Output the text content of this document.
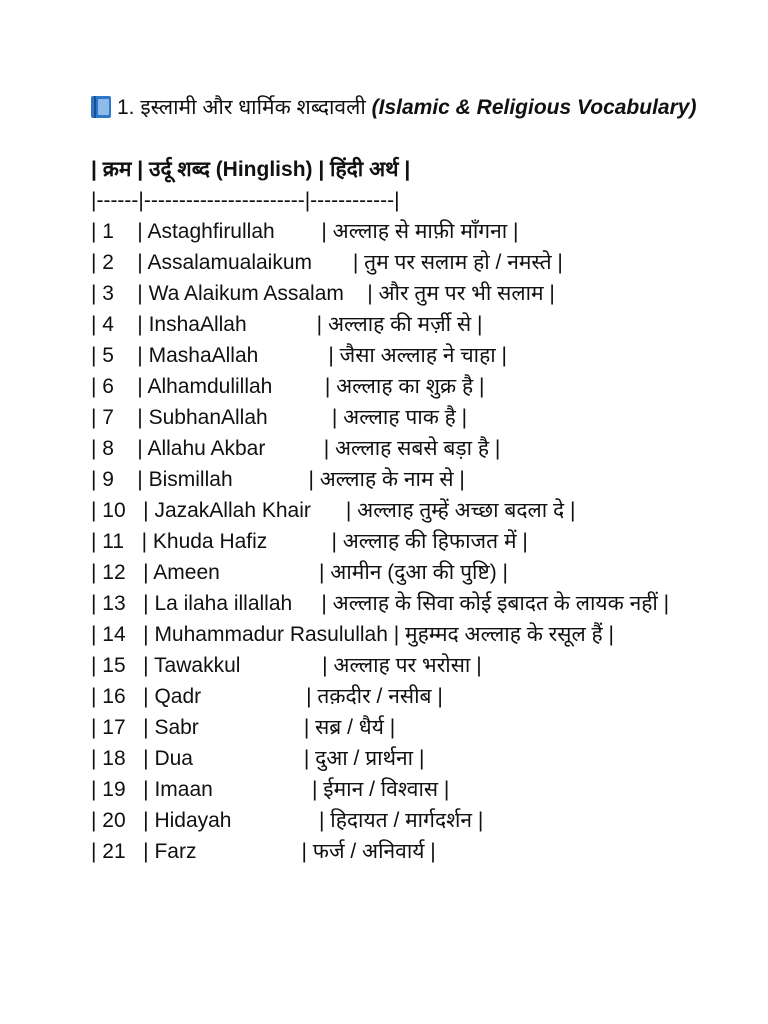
1. इस्लामी और धार्मिक शब्दावली (Islamic & Religious Vocabulary)

| क्रम | उर्दू शब्द (Hinglish) | हिंदी अर्थ |

|------|-----------------------|------------|

| 1    | Astaghfirullah        | अल्लाह से माफ़ी माँगना |

| 2    | Assalamualaikum       | तुम पर सलाम हो / नमस्ते |

| 3    | Wa Alaikum Assalam    | और तुम पर भी सलाम |

| 4    | InshaAllah            | अल्लाह की मर्ज़ी से |

| 5    | MashaAllah            | जैसा अल्लाह ने चाहा |

| 6    | Alhamdulillah         | अल्लाह का शुक्र है |

| 7    | SubhanAllah           | अल्लाह पाक है |

| 8    | Allahu Akbar          | अल्लाह सबसे बड़ा है |

| 9    | Bismillah             | अल्लाह के नाम से |

| 10   | JazakAllah Khair      | अल्लाह तुम्हें अच्छा बदला दे |

| 11   | Khuda Hafiz           | अल्लाह की हिफाजत में |

| 12   | Ameen                 | आमीन (दुआ की पुष्टि) |

| 13   | La ilaha illallah     | अल्लाह के सिवा कोई इबादत के लायक नहीं |

| 14   | Muhammadur Rasulullah | मुहम्मद अल्लाह के रसूल हैं |

| 15   | Tawakkul              | अल्लाह पर भरोसा |

| 16   | Qadr                  | तक़दीर / नसीब |

| 17   | Sabr                  | सब्र / धैर्य |

| 18   | Dua                   | दुआ / प्रार्थना |

| 19   | Imaan                 | ईमान / विश्वास |

| 20   | Hidayah               | हिदायत / मार्गदर्शन |

| 21   | Farz                  | फर्ज / अनिवार्य |
